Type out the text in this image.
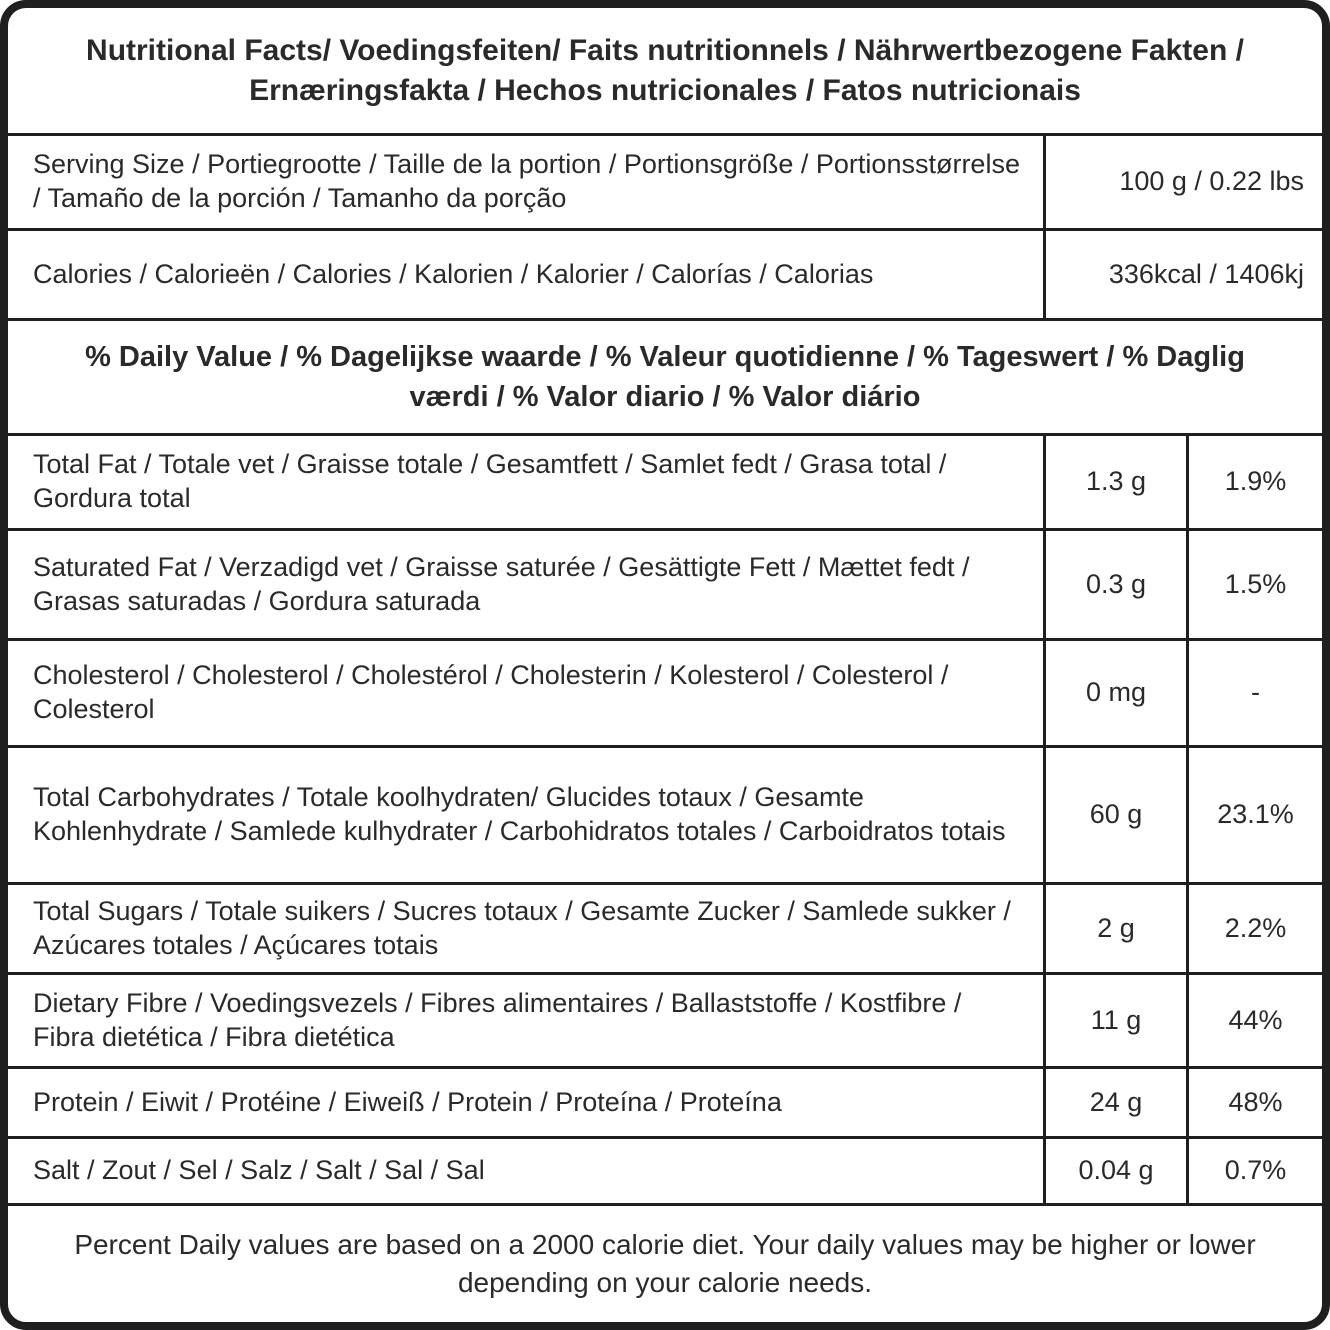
Nutritional Facts/ Voedingsfeiten/ Faits nutritionnels / Nährwertbezogene Fakten / Ernæringsfakta / Hechos nutricionales / Fatos nutricionais
Serving Size / Portiegrootte / Taille de la portion / Portionsgröße / Portionsstørrelse / Tamaño de la porción / Tamanho da porção
100 g / 0.22 lbs
Calories / Calorieën / Calories / Kalorien / Kalorier / Calorías / Calorias	336kcal / 1406kj
% Daily Value / % Dagelijkse waarde / % Valeur quotidienne / % Tageswert / % Daglig værdi / % Valor diario / % Valor diário
Total Fat / Totale vet / Graisse totale / Gesamtfett / Samlet fedt / Grasa total / Gordura total
1.3 g	1.9%
Saturated Fat / Verzadigd vet / Graisse saturée / Gesättigte Fett / Mættet fedt / Grasas saturadas / Gordura saturada
0.3 g	1.5%
Cholesterol / Cholesterol / Cholestérol / Cholesterin / Kolesterol / Colesterol / Colesterol
0 mg	-
Total Carbohydrates / Totale koolhydraten/ Glucides totaux / Gesamte Kohlenhydrate / Samlede kulhydrater / Carbohidratos totales / Carboidratos totais
60 g	23.1%
Total Sugars / Totale suikers / Sucres totaux / Gesamte Zucker / Samlede sukker / Azúcares totales / Açúcares totais
2 g	2.2%
Dietary Fibre / Voedingsvezels / Fibres alimentaires / Ballaststoffe / Kostfibre / Fibra dietética / Fibra dietética
11 g	44%
Protein / Eiwit / Protéine / Eiweiß / Protein / Proteína / Proteína	24 g	48%
Salt / Zout / Sel / Salz / Salt / Sal / Sal	0.04 g	0.7%
Percent Daily values are based on a 2000 calorie diet. Your daily values may be higher or lower depending on your calorie needs.
